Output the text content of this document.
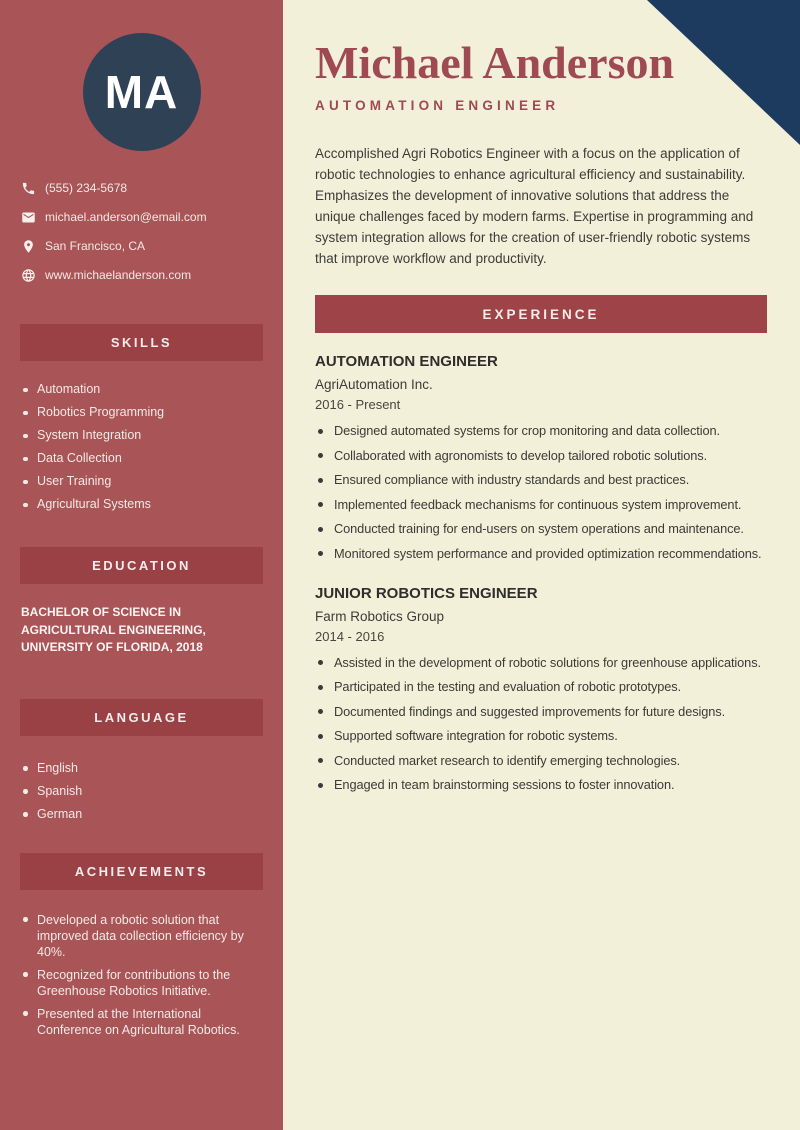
MA
(555) 234-5678
michael.anderson@email.com
San Francisco, CA
www.michaelanderson.com
SKILLS
Automation
Robotics Programming
System Integration
Data Collection
User Training
Agricultural Systems
EDUCATION
BACHELOR OF SCIENCE IN AGRICULTURAL ENGINEERING, UNIVERSITY OF FLORIDA, 2018
LANGUAGE
English
Spanish
German
ACHIEVEMENTS
Developed a robotic solution that improved data collection efficiency by 40%.
Recognized for contributions to the Greenhouse Robotics Initiative.
Presented at the International Conference on Agricultural Robotics.
Michael Anderson
AUTOMATION ENGINEER

Accomplished Agri Robotics Engineer with a focus on the application of robotic technologies to enhance agricultural efficiency and sustainability. Emphasizes the development of innovative solutions that address the unique challenges faced by modern farms. Expertise in programming and system integration allows for the creation of user-friendly robotic systems that improve workflow and productivity.

EXPERIENCE
AUTOMATION ENGINEER
AgriAutomation Inc.
2016 - Present
Designed automated systems for crop monitoring and data collection.
Collaborated with agronomists to develop tailored robotic solutions.
Ensured compliance with industry standards and best practices.
Implemented feedback mechanisms for continuous system improvement.
Conducted training for end-users on system operations and maintenance.
Monitored system performance and provided optimization recommendations.
JUNIOR ROBOTICS ENGINEER
Farm Robotics Group
2014 - 2016
Assisted in the development of robotic solutions for greenhouse applications.
Participated in the testing and evaluation of robotic prototypes.
Documented findings and suggested improvements for future designs.
Supported software integration for robotic systems.
Conducted market research to identify emerging technologies.
Engaged in team brainstorming sessions to foster innovation.
